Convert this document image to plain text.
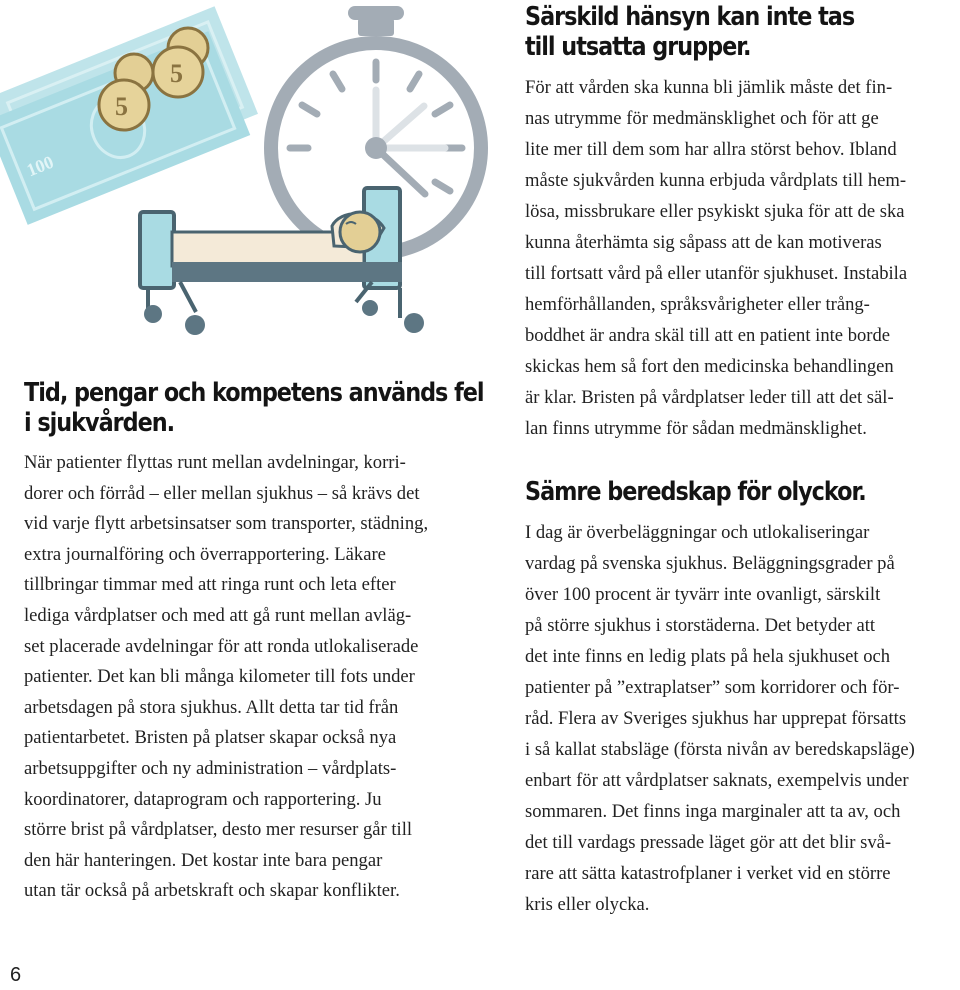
100
5
5
Tid, pengar och kompetens används fel
i sjukvården.

När patienter flyttas runt mellan avdelningar, korri-
dorer och förråd – eller mellan sjukhus – så krävs det
vid varje flytt arbetsinsatser som transporter, städning,
extra journalföring och överrapportering. Läkare
tillbringar timmar med att ringa runt och leta efter
lediga vårdplatser och med att gå runt mellan avläg-
set placerade avdelningar för att ronda utlokaliserade
patienter. Det kan bli många kilometer till fots under
arbetsdagen på stora sjukhus. Allt detta tar tid från
patientarbetet. Bristen på platser skapar också nya
arbetsuppgifter och ny administration – vårdplats-
koordinatorer, dataprogram och rapportering. Ju
större brist på vårdplatser, desto mer resurser går till
den här hanteringen. Det kostar inte bara pengar
utan tär också på arbetskraft och skapar konflikter.

Särskild hänsyn kan inte tas
till utsatta grupper.

För att vården ska kunna bli jämlik måste det fin-
nas utrymme för medmänsklighet och för att ge
lite mer till dem som har allra störst behov. Ibland
måste sjukvården kunna erbjuda vårdplats till hem-
lösa, missbrukare eller psykiskt sjuka för att de ska
kunna återhämta sig såpass att de kan motiveras
till fortsatt vård på eller utanför sjukhuset. Instabila
hemförhållanden, språksvårigheter eller trång-
boddhet är andra skäl till att en patient inte borde
skickas hem så fort den medicinska behandlingen
är klar. Bristen på vårdplatser leder till att det säl-
lan finns utrymme för sådan medmänsklighet.

Sämre beredskap för olyckor.

I dag är överbeläggningar och utlokaliseringar
vardag på svenska sjukhus. Beläggningsgrader på
över 100 procent är tyvärr inte ovanligt, särskilt
på större sjukhus i storstäderna. Det betyder att
det inte finns en ledig plats på hela sjukhuset och
patienter på ”extraplatser” som korridorer och för-
råd. Flera av Sveriges sjukhus har upprepat försatts
i så kallat stabsläge (första nivån av beredskapsläge)
enbart för att vårdplatser saknats, exempelvis under
sommaren. Det finns inga marginaler att ta av, och
det till vardags pressade läget gör att det blir svå-
rare att sätta katastrofplaner i verket vid en större
kris eller olycka.

6
